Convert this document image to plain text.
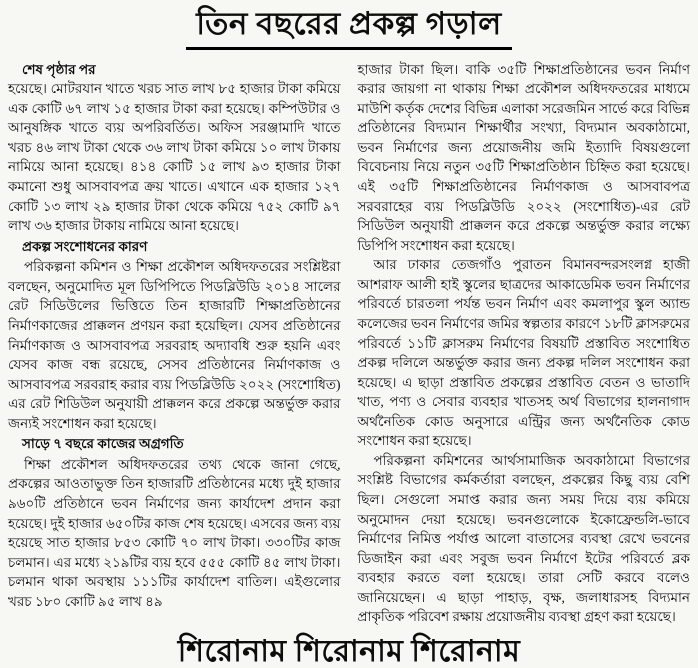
তিন বছরের প্রকল্প গড়াল

শেষ পৃষ্ঠার পর

হয়েছে। মোটরযান খাতে খরচ সাত লাখ ৮৫ হাজার টাকা কমিয়ে এক কোটি ৬৭ লাখ ১৫ হাজার টাকা করা হয়েছে। কম্পিউটার ও আনুষঙ্গিক খাতে ব্যয় অপরিবর্তিত। অফিস সরঞ্জামাদি খাতে খরচ ৪৬ লাখ টাকা থেকে ৩৬ লাখ টাকা কমিয়ে ১০ লাখ টাকায় নামিয়ে আনা হয়েছে। ৪১৪ কোটি ১৫ লাখ ৯৩ হাজার টাকা কমানো শুধু আসবাবপত্র ক্রয় খাতে। এখানে এক হাজার ১২৭ কোটি ১৩ লাখ ২৯ হাজার টাকা থেকে কমিয়ে ৭৫২ কোটি ৯৭ লাখ ৩৬ হাজার টাকায় নামিয়ে আনা হয়েছে।

প্রকল্প সংশোধনের কারণ

পরিকল্পনা কমিশন ও শিক্ষা প্রকৌশল অধিদফতরের সংশ্লিষ্টরা বলছেন, অনুমোদিত মূল ডিপিপিতে পিডব্লিউডি ২০১৪ সালের রেট সিডিউলের ভিত্তিতে তিন হাজারটি শিক্ষাপ্রতিষ্ঠানের নির্মাণকাজের প্রাক্কলন প্রণয়ন করা হয়েছিল। যেসব প্রতিষ্ঠানের নির্মাণকাজ ও আসবাবপত্র সরবরাহ অদ্যাবধি শুরু হয়নি এবং যেসব কাজ বন্ধ রয়েছে, সেসব প্রতিষ্ঠানের নির্মাণকাজ ও আসবাবপত্র সরবরাহ করার ব্যয় পিডব্লিউডি ২০২২ (সংশোধিত) এর রেট শিডিউল অনুযায়ী প্রাক্কলন করে প্রকল্পে অন্তর্ভুক্ত করার জন্যই সংশোধন করা হয়েছে।

সাড়ে ৭ বছরে কাজের অগ্রগতি

শিক্ষা প্রকৌশল অধিদফতরের তথ্য থেকে জানা গেছে, প্রকল্পের আওতাভুক্ত তিন হাজারটি প্রতিষ্ঠানের মধ্যে দুই হাজার ৯৬০টি প্রতিষ্ঠানে ভবন নির্মাণের জন্য কার্যাদেশ প্রদান করা হয়েছে। দুই হাজার ৬৫০টির কাজ শেষ হয়েছে। এসবের জন্য ব্যয় হয়েছে সাত হাজার ৮৫৩ কোটি ৭০ লাখ টাকা। ৩৩০টির কাজ চলমান। এর মধ্যে ২১৯টির ব্যয় হবে ৫৫৫ কোটি ৪৫ লাখ টাকা। চলমান থাকা অবস্থায় ১১১টির কার্যাদেশ বাতিল। এইগুলোর খরচ ১৮০ কোটি ৯৫ লাখ ৪৯

হাজার টাকা ছিল। বাকি ৩৫টি শিক্ষাপ্রতিষ্ঠানের ভবন নির্মাণ করার জায়গা না থাকায় শিক্ষা প্রকৌশল অধিদফতরের মাধ্যমে মাউশি কর্তৃক দেশের বিভিন্ন এলাকা সরেজমিন সার্ভে করে বিভিন্ন প্রতিষ্ঠানের বিদ্যমান শিক্ষার্থীর সংখ্যা, বিদ্যমান অবকাঠামো, ভবন নির্মাণের জন্য প্রয়োজনীয় জমি ইত্যাদি বিষয়গুলো বিবেচনায় নিয়ে নতুন ৩৫টি শিক্ষাপ্রতিষ্ঠান চিহ্নিত করা হয়েছে। এই ৩৫টি শিক্ষাপ্রতিষ্ঠানের নির্মাণকাজ ও আসবাবপত্র সরবরাহের ব্যয় পিডব্লিউডি ২০২২ (সংশোধিত)-এর রেট সিডিউল অনুযায়ী প্রাক্কলন করে প্রকল্পে অন্তর্ভুক্ত করার লক্ষ্যে ডিপিপি সংশোধন করা হয়েছে।

আর ঢাকার তেজগাঁও পুরাতন বিমানবন্দরসংলগ্ন হাজী আশরাফ আলী হাই স্কুলের ছাত্রদের আকাডেমিক ভবন নির্মাণের পরিবর্তে চারতলা পর্যন্ত ভবন নির্মাণ এবং কমলাপুর স্কুল অ্যান্ড কলেজের ভবন নির্মাণের জমির স্বল্পতার কারণে ১৮টি ক্লাসরুমের পরিবর্তে ১১টি ক্লাসরুম নির্মাণের বিষয়টি প্রস্তাবিত সংশোধিত প্রকল্প দলিলে অন্তর্ভুক্ত করার জন্য প্রকল্প দলিল সংশোধন করা হয়েছে। এ ছাড়া প্রস্তাবিত প্রকল্পের প্রস্তাবিত বেতন ও ভাতাদি খাত, পণ্য ও সেবার ব্যবহার খাতসহ অর্থ বিভাগের হালনাগাদ অর্থনৈতিক কোড অনুসারে এন্ট্রির জন্য অর্থনৈতিক কোড সংশোধন করা হয়েছে।

পরিকল্পনা কমিশনের আর্থসামাজিক অবকাঠামো বিভাগের সংশ্লিষ্ট বিভাগের কর্মকর্তারা বলছেন, প্রকল্পের কিছু ব্যয় বেশি ছিল। সেগুলো সমাপ্ত করার জন্য সময় দিয়ে ব্যয় কমিয়ে অনুমোদন দেয়া হয়েছে। ভবনগুলোকে ইকোফ্রেন্ডলি-ভাবে নির্মাণের নিমিত্ত পর্যাপ্ত আলো বাতাসের ব্যবস্থা রেখে ভবনের ডিজাইন করা এবং সবুজ ভবন নির্মাণে ইটের পরিবর্তে ব্লক ব্যবহার করতে বলা হয়েছে। তারা সেটি করবে বলেও জানিয়েছেন। এ ছাড়া পাহাড়, বৃক্ষ, জলাধারসহ বিদ্যমান প্রাকৃতিক পরিবেশ রক্ষায় প্রয়োজনীয় ব্যবস্থা গ্রহণ করা হয়েছে।

শিরোনাম শিরোনাম শিরোনাম
